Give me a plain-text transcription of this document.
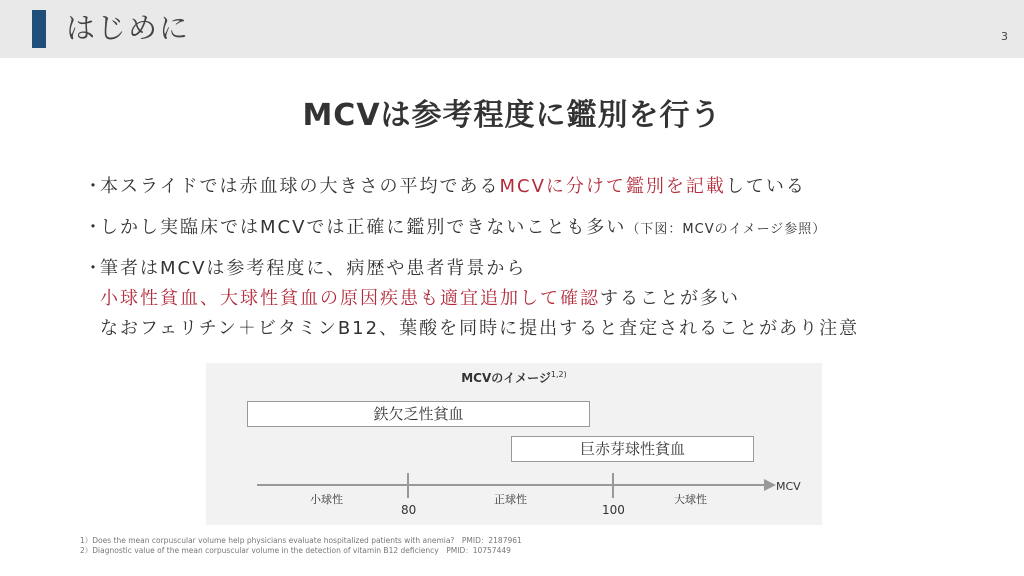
はじめに	3
MCVは参考程度に鑑別を行う
・
本スライドでは赤血球の大きさの平均であるMCVに分けて鑑別を記載している
・
しかし実臨床ではMCVでは正確に鑑別できないことも多い（下図：MCVのイメージ参照）
・
筆者はMCVは参考程度に、病歴や患者背景から
小球性貧血、大球性貧血の原因疾患も適宜追加して確認することが多い
なおフェリチン＋ビタミンB12、葉酸を同時に提出すると査定されることがあり注意
MCVのイメージ$^{1,2)}$
鉄欠乏性貧血
巨赤芽球性貧血
MCV
小球性	正球性	大球性
80	100
1）Does the mean corpuscular volume help physicians evaluate hospitalized patients with anemia?　PMID：2187961
2）Diagnostic value of the mean corpuscular volume in the detection of vitamin B12 deficiency　PMID：10757449
